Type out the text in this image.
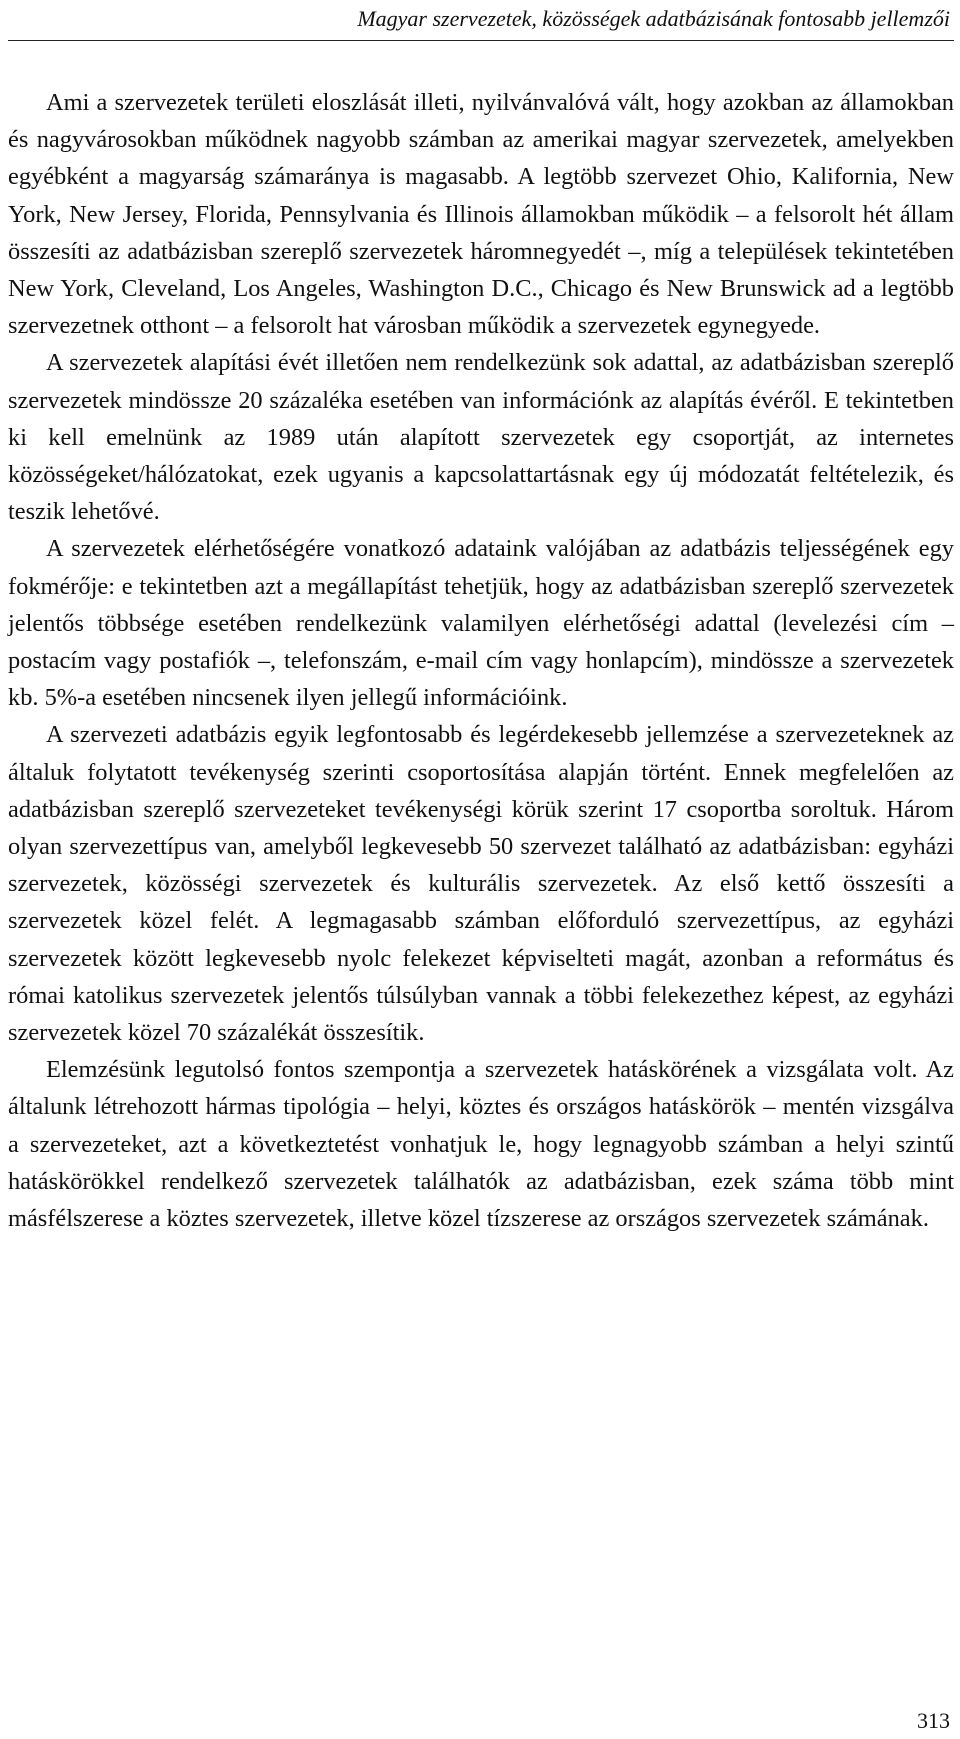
Magyar szervezetek, közösségek adatbázisának fontosabb jellemzői

Ami a szervezetek területi eloszlását illeti, nyilvánvalóvá vált, hogy azokban az államokban és nagyvárosokban működnek nagyobb számban az amerikai magyar szervezetek, amelyekben egyébként a magyarság számaránya is magasabb. A legtöbb szervezet Ohio, Kalifornia, New York, New Jersey, Florida, Pennsylvania és Illinois államokban működik – a felsorolt hét állam összesíti az adatbázisban szereplő szervezetek háromnegyedét –, míg a települések tekintetében New York, Cleveland, Los Angeles, Washington D.C., Chicago és New Brunswick ad a legtöbb szervezetnek otthont – a felsorolt hat városban működik a szervezetek egynegyede.

A szervezetek alapítási évét illetően nem rendelkezünk sok adattal, az adatbázisban szereplő szervezetek mindössze 20 százaléka esetében van információnk az alapítás évéről. E tekintetben ki kell emelnünk az 1989 után alapított szervezetek egy csoportját, az internetes közösségeket/hálózatokat, ezek ugyanis a kapcsolattartásnak egy új módozatát feltételezik, és teszik lehetővé.

A szervezetek elérhetőségére vonatkozó adataink valójában az adatbázis teljességének egy fokmérője: e tekintetben azt a megállapítást tehetjük, hogy az adatbázisban szereplő szervezetek jelentős többsége esetében rendelkezünk valamilyen elérhetőségi adattal (levelezési cím – postacím vagy postafiók –, telefonszám, e-mail cím vagy honlapcím), mindössze a szervezetek kb. 5%-a esetében nincsenek ilyen jellegű információink.

A szervezeti adatbázis egyik legfontosabb és legérdekesebb jellemzése a szervezeteknek az általuk folytatott tevékenység szerinti csoportosítása alapján történt. Ennek megfelelően az adatbázisban szereplő szervezeteket tevékenységi körük szerint 17 csoportba soroltuk. Három olyan szervezettípus van, amelyből legkevesebb 50 szervezet található az adatbázisban: egyházi szervezetek, közösségi szervezetek és kulturális szervezetek. Az első kettő összesíti a szervezetek közel felét. A legmagasabb számban előforduló szervezettípus, az egyházi szervezetek között legkevesebb nyolc felekezet képviselteti magát, azonban a református és római katolikus szervezetek jelentős túlsúlyban vannak a többi felekezethez képest, az egyházi szervezetek közel 70 százalékát összesítik.

Elemzésünk legutolsó fontos szempontja a szervezetek hatáskörének a vizsgálata volt. Az általunk létrehozott hármas tipológia – helyi, köztes és országos hatáskörök – mentén vizsgálva a szervezeteket, azt a következtetést vonhatjuk le, hogy legnagyobb számban a helyi szintű hatáskörökkel rendelkező szervezetek találhatók az adatbázisban, ezek száma több mint másfélszerese a köztes szervezetek, illetve közel tízszerese az országos szervezetek számának.

313
